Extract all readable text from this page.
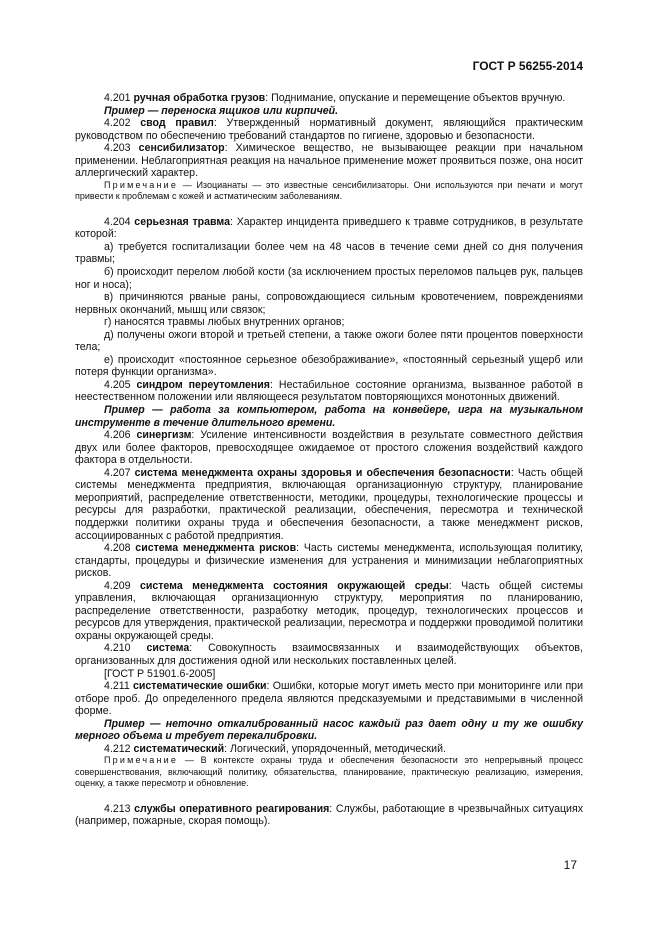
ГОСТ Р 56255-2014

4.201 ручная обработка грузов: Поднимание, опускание и перемещение объектов вручную.

Пример — переноска ящиков или кирпичей.

4.202 свод правил: Утвержденный нормативный документ, являющийся практическим руководством по обеспечению требований стандартов по гигиене, здоровью и безопасности.

4.203 сенсибилизатор: Химическое вещество, не вызывающее реакции при начальном применении. Неблагоприятная реакция на начальное применение может проявиться позже, она носит аллергический характер.

Примечание — Изоцианаты — это известные сенсибилизаторы. Они используются при печати и могут привести к проблемам с кожей и астматическим заболеваниям.

4.204 серьезная травма: Характер инцидента приведшего к травме сотрудников, в результате которой:

а) требуется госпитализации более чем на 48 часов в течение семи дней со дня получения травмы;

б) происходит перелом любой кости (за исключением простых переломов пальцев рук, пальцев ног и носа);

в) причиняются рваные раны, сопровождающиеся сильным кровотечением, повреждениями нервных окончаний, мышц или связок;

г) наносятся травмы любых внутренних органов;

д) получены ожоги второй и третьей степени, а также ожоги более пяти процентов поверхности тела;

е) происходит «постоянное серьезное обезображивание», «постоянный серьезный ущерб или потеря функции организма».

4.205 синдром переутомления: Нестабильное состояние организма, вызванное работой в неестественном положении или являющееся результатом повторяющихся монотонных движений.

Пример — работа за компьютером, работа на конвейере, игра на музыкальном инструменте в течение длительного времени.

4.206 синергизм: Усиление интенсивности воздействия в результате совместного действия двух или более факторов, превосходящее ожидаемое от простого сложения воздействий каждого фактора в отдельности.

4.207 система менеджмента охраны здоровья и обеспечения безопасности: Часть общей системы менеджмента предприятия, включающая организационную структуру, планирование мероприятий, распределение ответственности, методики, процедуры, технологические процессы и ресурсы для разработки, практической реализации, обеспечения, пересмотра и технической поддержки политики охраны труда и обеспечения безопасности, а также менеджмент рисков, ассоциированных с работой предприятия.

4.208 система менеджмента рисков: Часть системы менеджмента, использующая политику, стандарты, процедуры и физические изменения для устранения и минимизации неблагоприятных рисков.

4.209 система менеджмента состояния окружающей среды: Часть общей системы управления, включающая организационную структуру, мероприятия по планированию, распределение ответственности, разработку методик, процедур, технологических процессов и ресурсов для утверждения, практической реализации, пересмотра и поддержки проводимой политики охраны окружающей среды.

4.210 система: Совокупность взаимосвязанных и взаимодействующих объектов, организованных для достижения одной или нескольких поставленных целей.

[ГОСТ Р 51901.6-2005]

4.211 систематические ошибки: Ошибки, которые могут иметь место при мониторинге или при отборе проб. До определенного предела являются предсказуемыми и представимыми в численной форме.

Пример — неточно откалиброванный насос каждый раз дает одну и ту же ошибку мерного объема и требует перекалибровки.

4.212 систематический: Логический, упорядоченный, методический.

Примечание — В контексте охраны труда и обеспечения безопасности это непрерывный процесс совершенствования, включающий политику, обязательства, планирование, практическую реализацию, измерения, оценку, а также пересмотр и обновление.

4.213 службы оперативного реагирования: Службы, работающие в чрезвычайных ситуациях (например, пожарные, скорая помощь).

17
